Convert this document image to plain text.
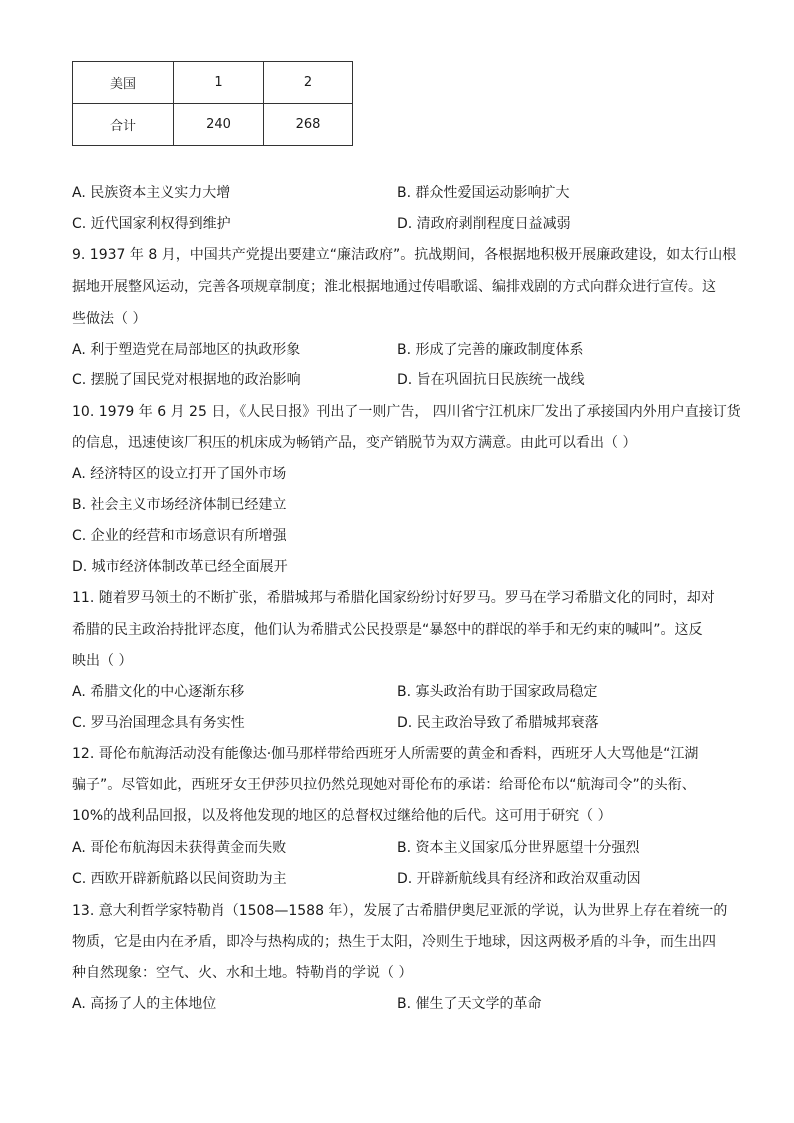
美国	1	2
合计	240	268
A. 民族资本主义实力大增	B. 群众性爱国运动影响扩大
C. 近代国家利权得到维护	D. 清政府剥削程度日益减弱
9. 1937 年 8 月，中国共产党提出要建立“廉洁政府”。抗战期间，各根据地积极开展廉政建设，如太行山根
据地开展整风运动，完善各项规章制度；淮北根据地通过传唱歌谣、编排戏剧的方式向群众进行宣传。这
些做法（ ）
A. 利于塑造党在局部地区的执政形象	B. 形成了完善的廉政制度体系
C. 摆脱了国民党对根据地的政治影响	D. 旨在巩固抗日民族统一战线
10. 1979 年 6 月 25 日，《人民日报》刊出了一则广告， 四川省宁江机床厂发出了承接国内外用户直接订货
的信息，迅速使该厂积压的机床成为畅销产品，变产销脱节为双方满意。由此可以看出（ ）
A. 经济特区的设立打开了国外市场
B. 社会主义市场经济体制已经建立
C. 企业的经营和市场意识有所增强
D. 城市经济体制改革已经全面展开
11. 随着罗马领土的不断扩张，希腊城邦与希腊化国家纷纷讨好罗马。罗马在学习希腊文化的同时，却对
希腊的民主政治持批评态度，他们认为希腊式公民投票是“暴怒中的群氓的举手和无约束的喊叫”。这反
映出（ ）
A. 希腊文化的中心逐渐东移	B. 寡头政治有助于国家政局稳定
C. 罗马治国理念具有务实性	D. 民主政治导致了希腊城邦衰落
12. 哥伦布航海活动没有能像达·伽马那样带给西班牙人所需要的黄金和香料，西班牙人大骂他是“江湖
骗子”。尽管如此，西班牙女王伊莎贝拉仍然兑现她对哥伦布的承诺：给哥伦布以“航海司令”的头衔、
10%的战利品回报，以及将他发现的地区的总督权过继给他的后代。这可用于研究（ ）
A. 哥伦布航海因未获得黄金而失败	B. 资本主义国家瓜分世界愿望十分强烈
C. 西欧开辟新航路以民间资助为主	D. 开辟新航线具有经济和政治双重动因
13. 意大利哲学家特勒肖（1508—1588 年），发展了古希腊伊奥尼亚派的学说，认为世界上存在着统一的
物质，它是由内在矛盾，即冷与热构成的；热生于太阳，冷则生于地球，因这两极矛盾的斗争，而生出四
种自然现象：空气、火、水和土地。特勒肖的学说（ ）
A. 高扬了人的主体地位	B. 催生了天文学的革命
